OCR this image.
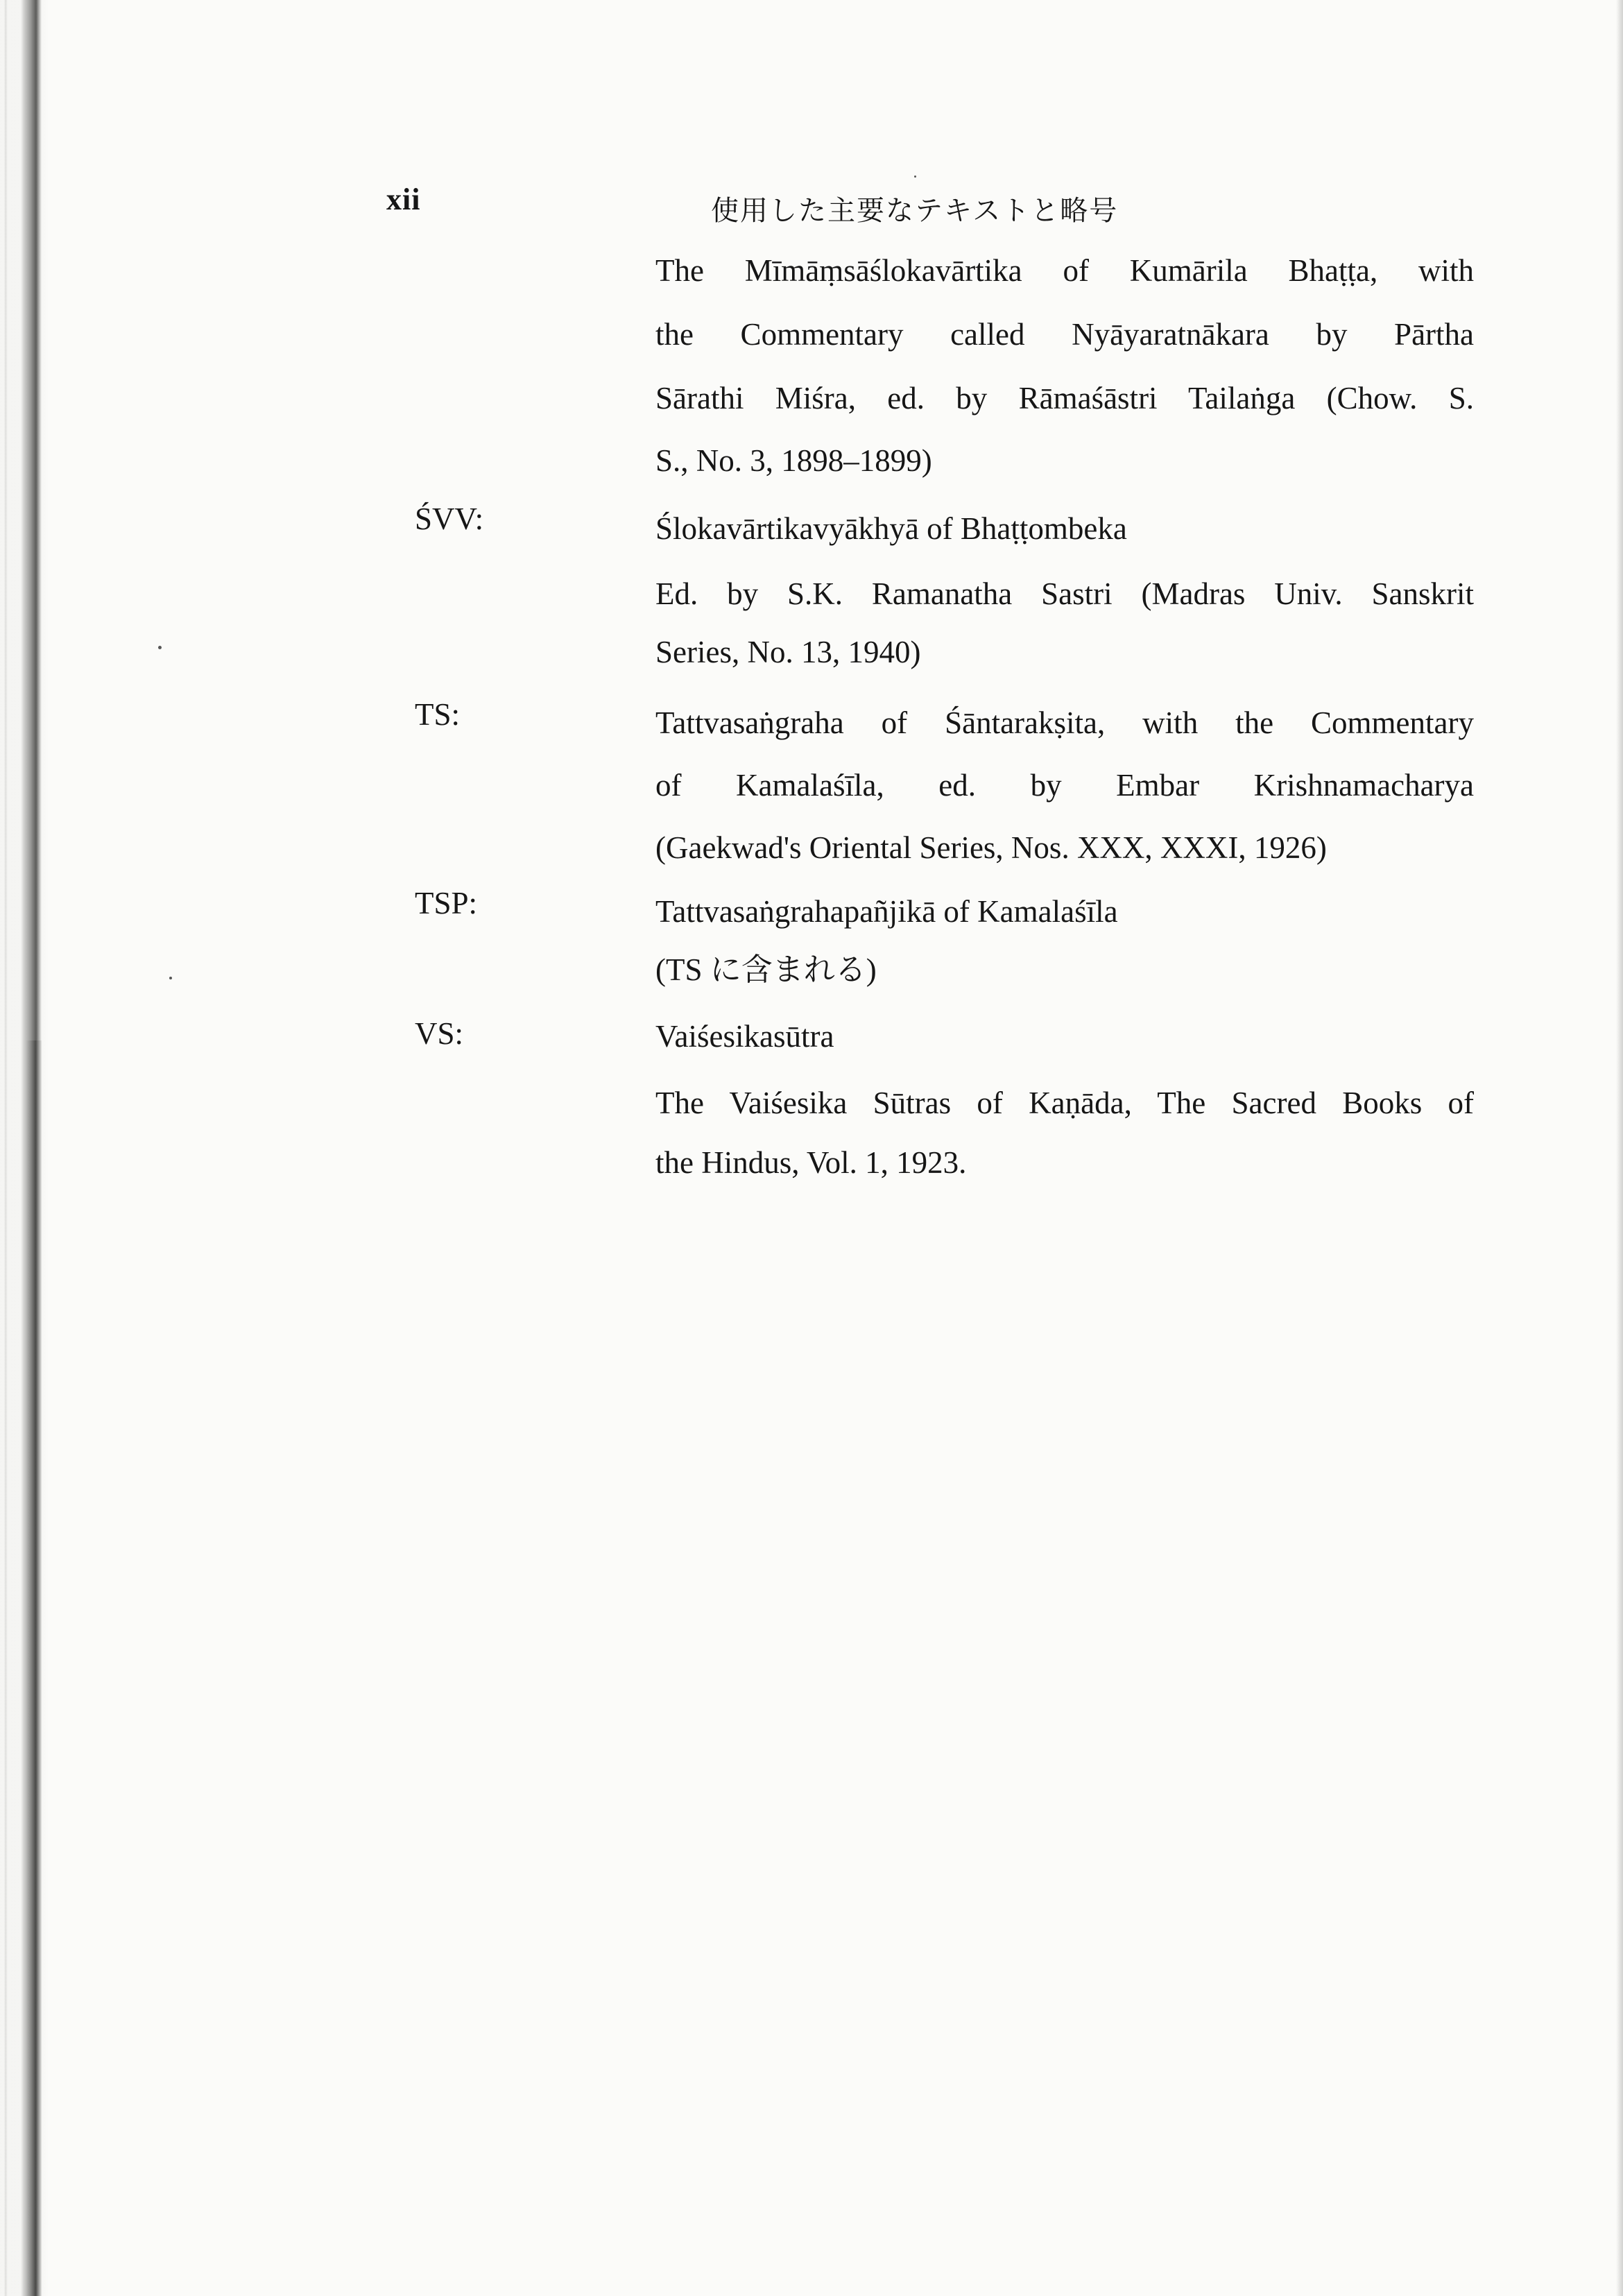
xii	使用した主要なテキストと略号
The Mīmāṃsāślokavārtika of Kumārila Bhaṭṭa, with
the Commentary called Nyāyaratnākara by Pārtha
Sārathi Miśra, ed. by Rāmaśāstri Tailaṅga (Chow. S.
S., No. 3, 1898–1899)
ŚVV:	Ślokavārtikavyākhyā of Bhaṭṭombeka
Ed. by S.K. Ramanatha Sastri (Madras Univ. Sanskrit
Series, No. 13, 1940)
TS:	Tattvasaṅgraha of Śāntarakṣita, with the Commentary
of Kamalaśīla, ed. by Embar Krishnamacharya
(Gaekwad's Oriental Series, Nos. XXX, XXXI, 1926)
TSP:	Tattvasaṅgrahapañjikā of Kamalaśīla
(TS に含まれる)
VS:	Vaiśesikasūtra
The Vaiśesika Sūtras of Kaṇāda, The Sacred Books of
the Hindus, Vol. 1, 1923.
